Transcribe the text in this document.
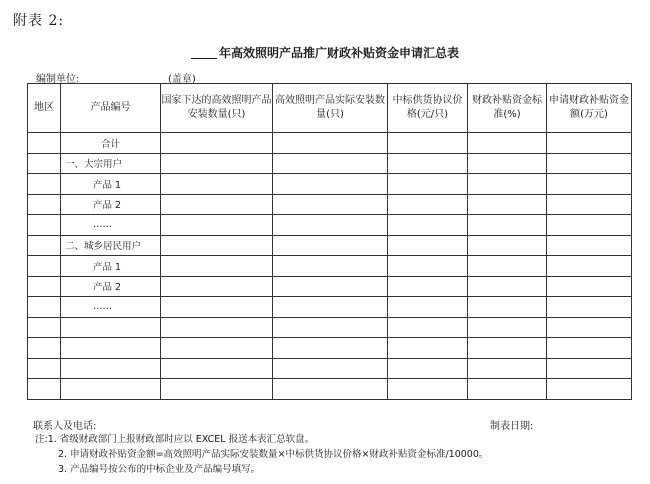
附表 2:
年高效照明产品推广财政补贴资金申请汇总表
编制单位:	(盖章)
地区	产品编号	国家下达的高效照明产品安装数量(只)	高效照明产品实际安装数量(只)	中标供货协议价格(元/只)	财政补贴资金标准(%)	申请财政补贴资金额(万元)
	合计					
	一、大宗用户					
	产品 1					
	产品 2					
	……					
	二、城乡居民用户					
	产品 1					
	产品 2					
	……					

联系人及电话:	制表日期:
注:1. 省级财政部门上报财政部时应以 EXCEL 报送本表汇总软盘。
2. 申请财政补贴资金额=高效照明产品实际安装数量×中标供货协议价格×财政补贴资金标准/10000。
3. 产品编号按公布的中标企业及产品编号填写。
